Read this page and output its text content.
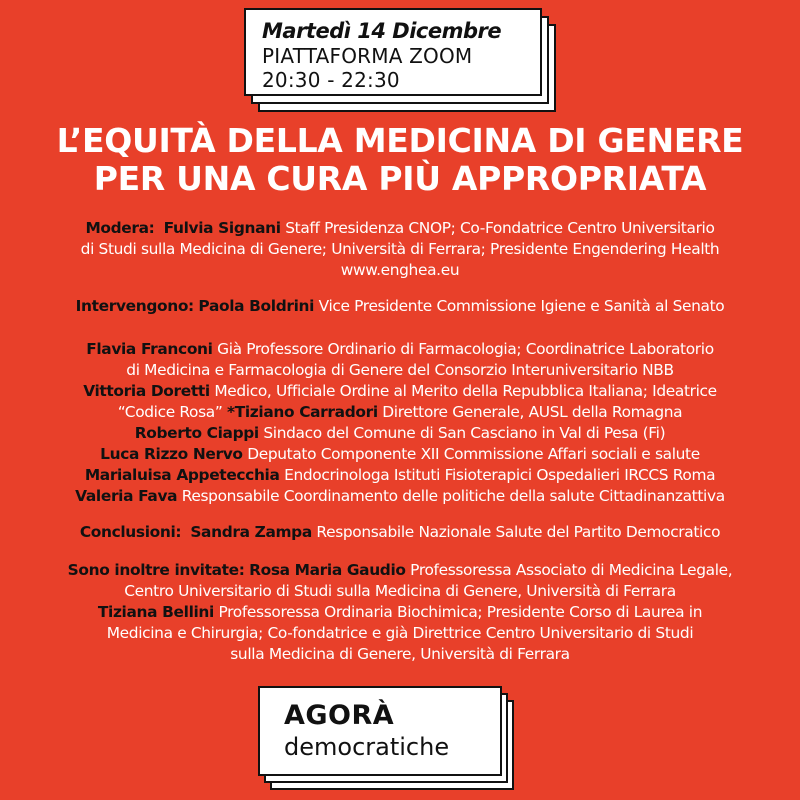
Martedì 14 Dicembre
PIATTAFORMA ZOOM
20:30 - 22:30
L’EQUITÀ DELLA MEDICINA DI GENERE
PER UNA CURA PIÙ APPROPRIATA
Modera: Fulvia Signani Staff Presidenza CNOP; Co-Fondatrice Centro Universitario
di Studi sulla Medicina di Genere; Università di Ferrara; Presidente Engendering Health
www.enghea.eu
Intervengono: Paola Boldrini Vice Presidente Commissione Igiene e Sanità al Senato
Flavia Franconi Già Professore Ordinario di Farmacologia; Coordinatrice Laboratorio
di Medicina e Farmacologia di Genere del Consorzio Interuniversitario NBB
Vittoria Doretti Medico, Ufficiale Ordine al Merito della Repubblica Italiana; Ideatrice
“Codice Rosa” *Tiziano Carradori Direttore Generale, AUSL della Romagna
Roberto Ciappi Sindaco del Comune di San Casciano in Val di Pesa (Fi)
Luca Rizzo Nervo Deputato Componente XII Commissione Affari sociali e salute
Marialuisa Appetecchia Endocrinologa Istituti Fisioterapici Ospedalieri IRCCS Roma
Valeria Fava Responsabile Coordinamento delle politiche della salute Cittadinanzattiva
Conclusioni: Sandra Zampa Responsabile Nazionale Salute del Partito Democratico
Sono inoltre invitate: Rosa Maria Gaudio Professoressa Associato di Medicina Legale,
Centro Universitario di Studi sulla Medicina di Genere, Università di Ferrara
Tiziana Bellini Professoressa Ordinaria Biochimica; Presidente Corso di Laurea in
Medicina e Chirurgia; Co-fondatrice e già Direttrice Centro Universitario di Studi
sulla Medicina di Genere, Università di Ferrara
AGORÀ
democratiche
